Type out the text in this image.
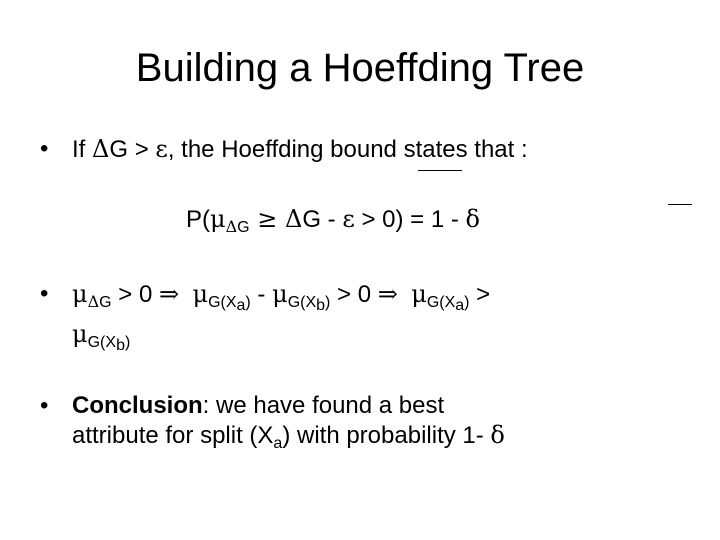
Building a Hoeffding Tree
• If ΔG > ε, the Hoeffding bound states that :
$P(\mu_{\Delta G} \ge \Delta G - \varepsilon > 0) = 1 - \delta$
• $\mu_{\Delta G} > 0$ ⇒ $\mu_{G(X_a)} - \mu_{G(X_b)} > 0$ ⇒ $\mu_{G(X_a)}$ >
$\mu_{G(X_b)}$
• Conclusion: we have found a best
attribute for split $(X_a)$ with probability 1- δ
